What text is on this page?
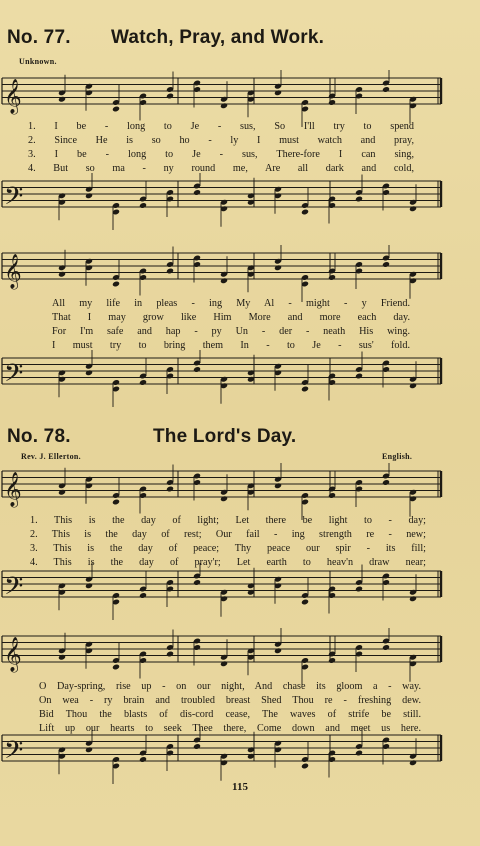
No. 77. Watch, Pray, and Work.
Unknown.
𝄞
1. I be - long to Je - sus, So I'll try to spend
2. Since He is so ho - ly I must watch and pray,
3. I be - long to Je - sus, There-fore I can sing,
4. But so ma - ny round me, Are all dark and cold,
𝄢
𝄞
All my life in pleas - ing My Al - might - y Friend.
That I may grow like Him More and more each day.
For I'm safe and hap - py Un - der - neath His wing.
I must try to bring them In - to Je - sus' fold.
𝄢
No. 78.	The Lord's Day.
Rev. J. Ellerton.	English.
𝄞
1. This is the day of light; Let there be light to - day;
2. This is the day of rest; Our fail - ing strength re - new;
3. This is the day of peace; Thy peace our spir - its fill;
4. This is the day of pray'r; Let earth to heav'n draw near;
𝄢
𝄞
O Day-spring, rise up - on our night, And chase its gloom a - way.
On wea - ry brain and troubled breast Shed Thou re - freshing dew.
Bid Thou the blasts of dis-cord cease, The waves of strife be still.
Lift up our hearts to seek Thee there, Come down and meet us here.
𝄢
115
